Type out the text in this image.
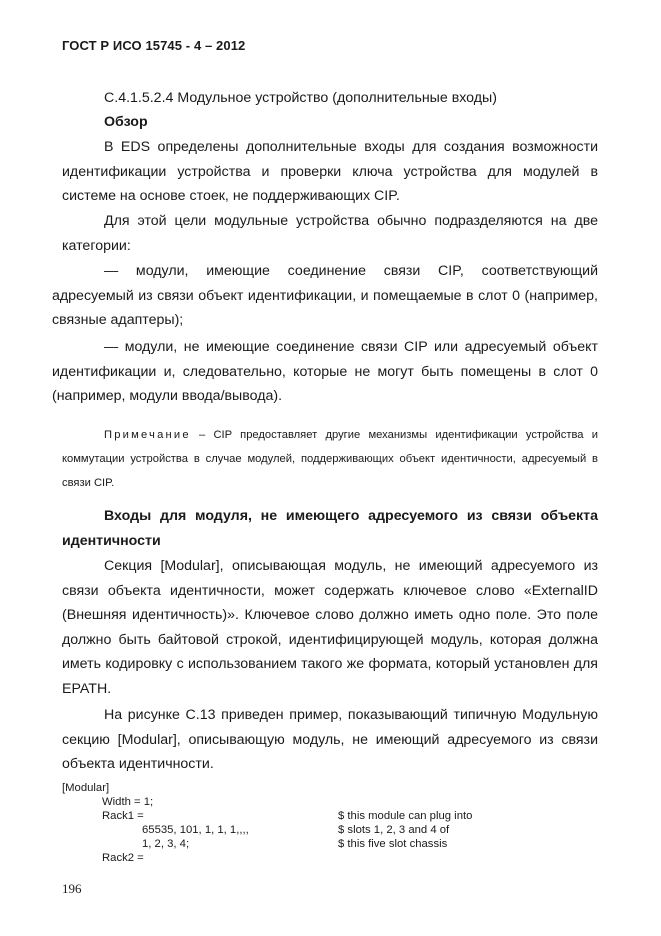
ГОСТ Р ИСО 15745 - 4 – 2012
С.4.1.5.2.4 Модульное устройство (дополнительные входы)
Обзор
В EDS определены дополнительные входы для создания возможности идентификации устройства и проверки ключа устройства для модулей в системе на основе стоек, не поддерживающих CIP.
Для этой цели модульные устройства обычно подразделяются на две категории:
— модули, имеющие соединение связи CIP, соответствующий адресуемый из связи объект идентификации, и помещаемые в слот 0 (например, связные адаптеры);
— модули, не имеющие соединение связи CIP или адресуемый объект идентификации и, следовательно, которые не могут быть помещены в слот 0 (например, модули ввода/вывода).
Примечание – CIP предоставляет другие механизмы идентификации устройства и коммутации устройства в случае модулей, поддерживающих объект идентичности, адресуемый в связи CIP.
Входы для модуля, не имеющего адресуемого из связи объекта идентичности
Секция [Modular], описывающая модуль, не имеющий адресуемого из связи объекта идентичности, может содержать ключевое слово «ExternalID (Внешняя идентичность)». Ключевое слово должно иметь одно поле. Это поле должно быть байтовой строкой, идентифицирующей модуль, которая должна иметь кодировку с использованием такого же формата, который установлен для EPATH.
На рисунке С.13 приведен пример, показывающий типичную Модульную секцию [Modular], описывающую модуль, не имеющий адресуемого из связи объекта идентичности.
[Modular]
Width = 1;
Rack1 =	$ this module can plug into
65535, 101, 1, 1, 1,,,,	$ slots 1, 2, 3 and 4 of
1, 2, 3, 4;	$ this five slot chassis
Rack2 =
196
